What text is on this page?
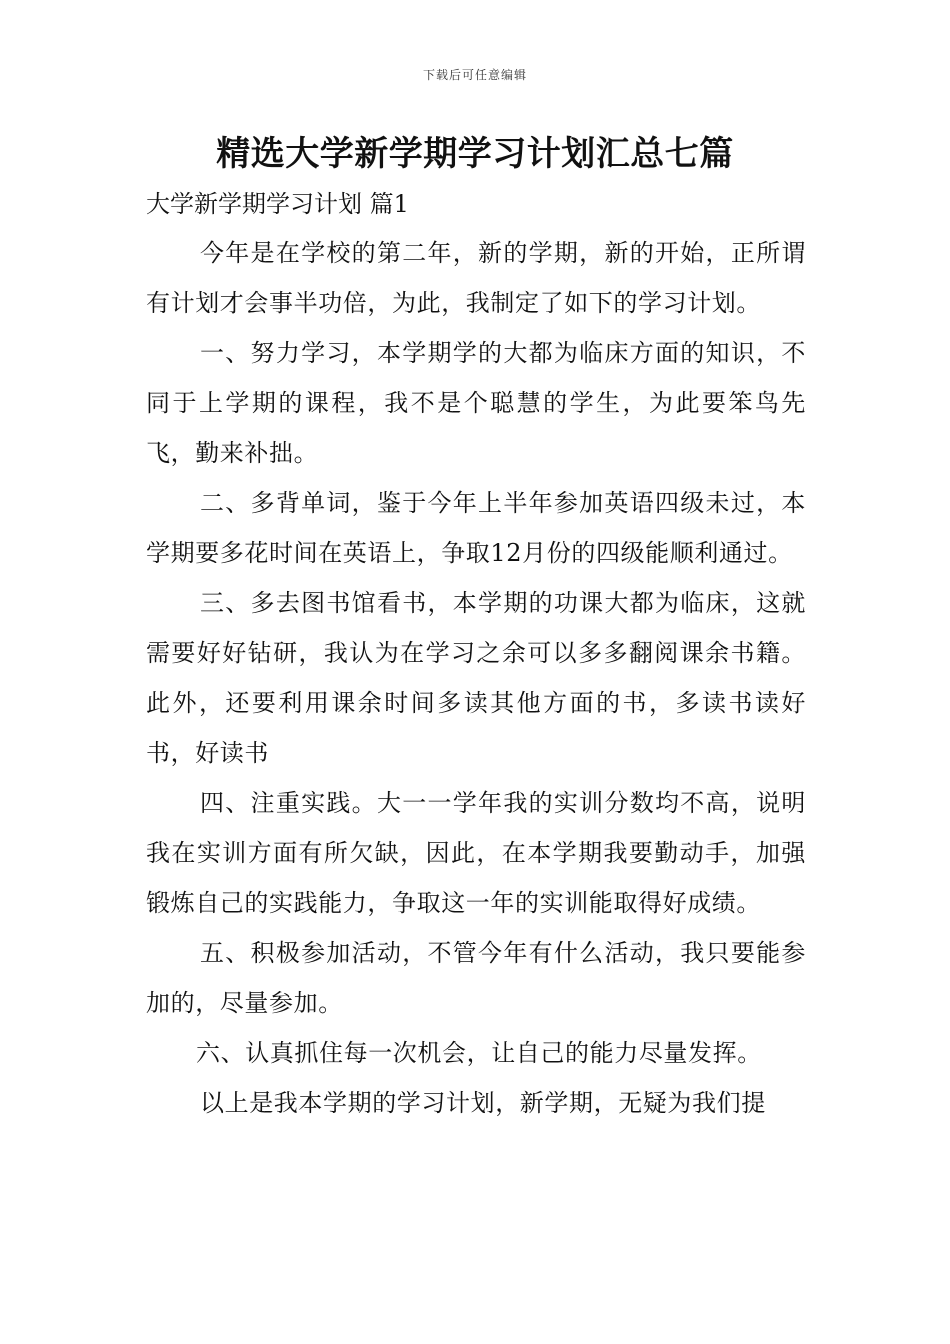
下载后可任意编辑
精选大学新学期学习计划汇总七篇
大学新学期学习计划 篇1

今年是在学校的第二年，新的学期，新的开始，正所谓有计划才会事半功倍，为此，我制定了如下的学习计划。

一、努力学习，本学期学的大都为临床方面的知识，不同于上学期的课程，我不是个聪慧的学生，为此要笨鸟先飞，勤来补拙。

二、多背单词，鉴于今年上半年参加英语四级未过，本学期要多花时间在英语上，争取12月份的四级能顺利通过。

三、多去图书馆看书，本学期的功课大都为临床，这就需要好好钻研，我认为在学习之余可以多多翻阅课余书籍。此外，还要利用课余时间多读其他方面的书，多读书读好书，好读书

四、注重实践。大一一学年我的实训分数均不高，说明我在实训方面有所欠缺，因此，在本学期我要勤动手，加强锻炼自己的实践能力，争取这一年的实训能取得好成绩。

五、积极参加活动，不管今年有什么活动，我只要能参加的，尽量参加。

六、认真抓住每一次机会，让自己的能力尽量发挥。

以上是我本学期的学习计划，新学期，无疑为我们提
